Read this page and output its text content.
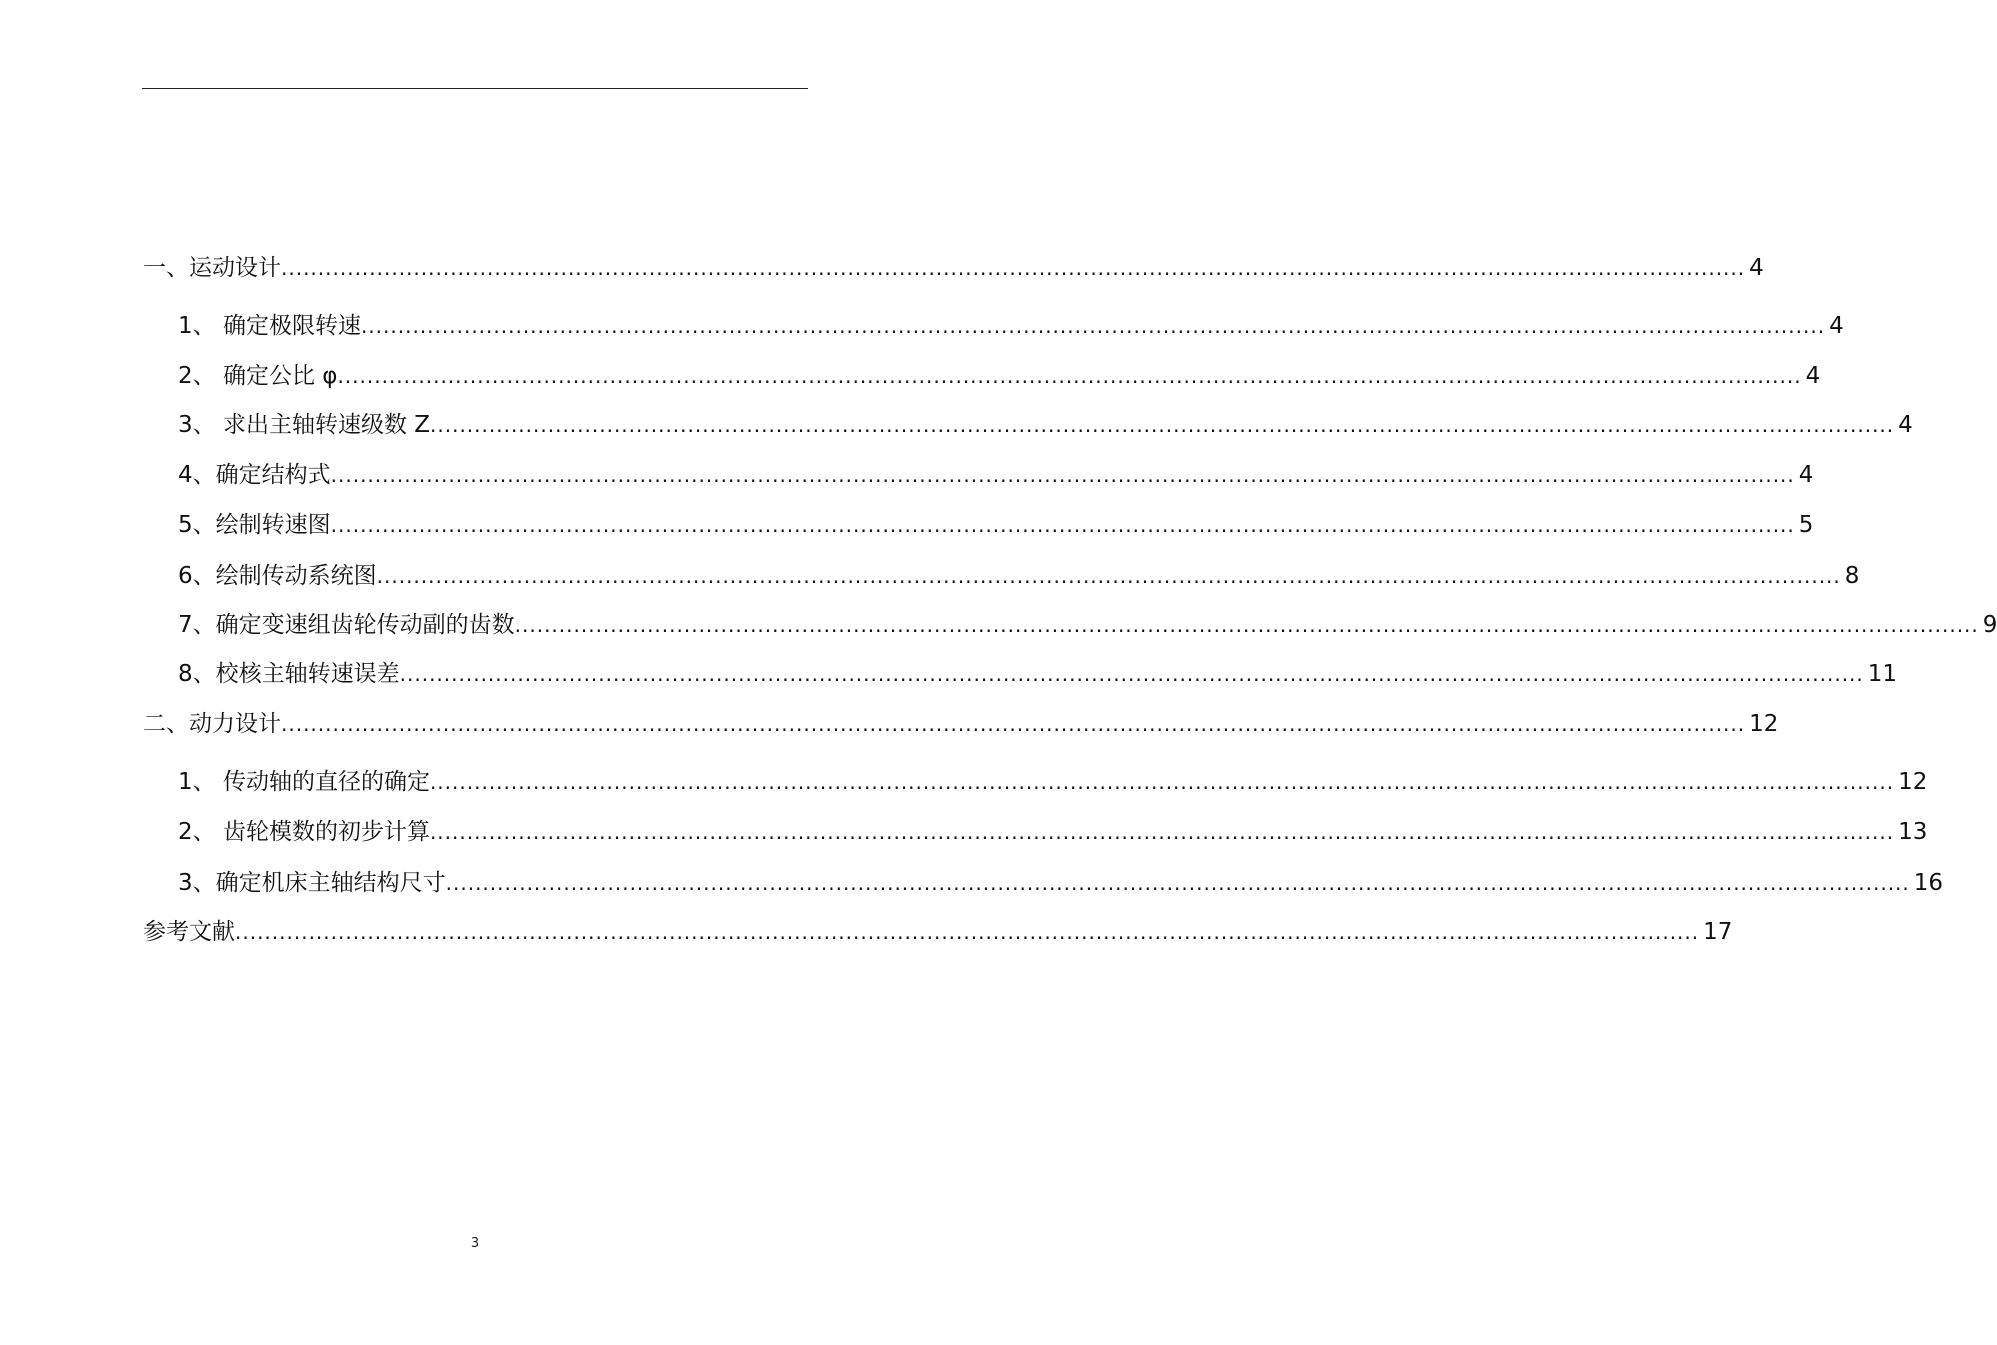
一、运动设计 ....................................................................................................................................................................................................... 4
1、 确定极限转速 ....................................................................................................................................................................................................... 4
2、 确定公比 φ ....................................................................................................................................................................................................... 4
3、 求出主轴转速级数 Z ....................................................................................................................................................................................................... 4
4、确定结构式 ....................................................................................................................................................................................................... 4
5、绘制转速图 ....................................................................................................................................................................................................... 5
6、绘制传动系统图 ....................................................................................................................................................................................................... 8
7、确定变速组齿轮传动副的齿数 ....................................................................................................................................................................................................... 9
8、校核主轴转速误差 ....................................................................................................................................................................................................... 11
二、动力设计 ....................................................................................................................................................................................................... 12
1、 传动轴的直径的确定 ....................................................................................................................................................................................................... 12
2、 齿轮模数的初步计算 ....................................................................................................................................................................................................... 13
3、确定机床主轴结构尺寸 ....................................................................................................................................................................................................... 16
参考文献 ....................................................................................................................................................................................................... 17
3
